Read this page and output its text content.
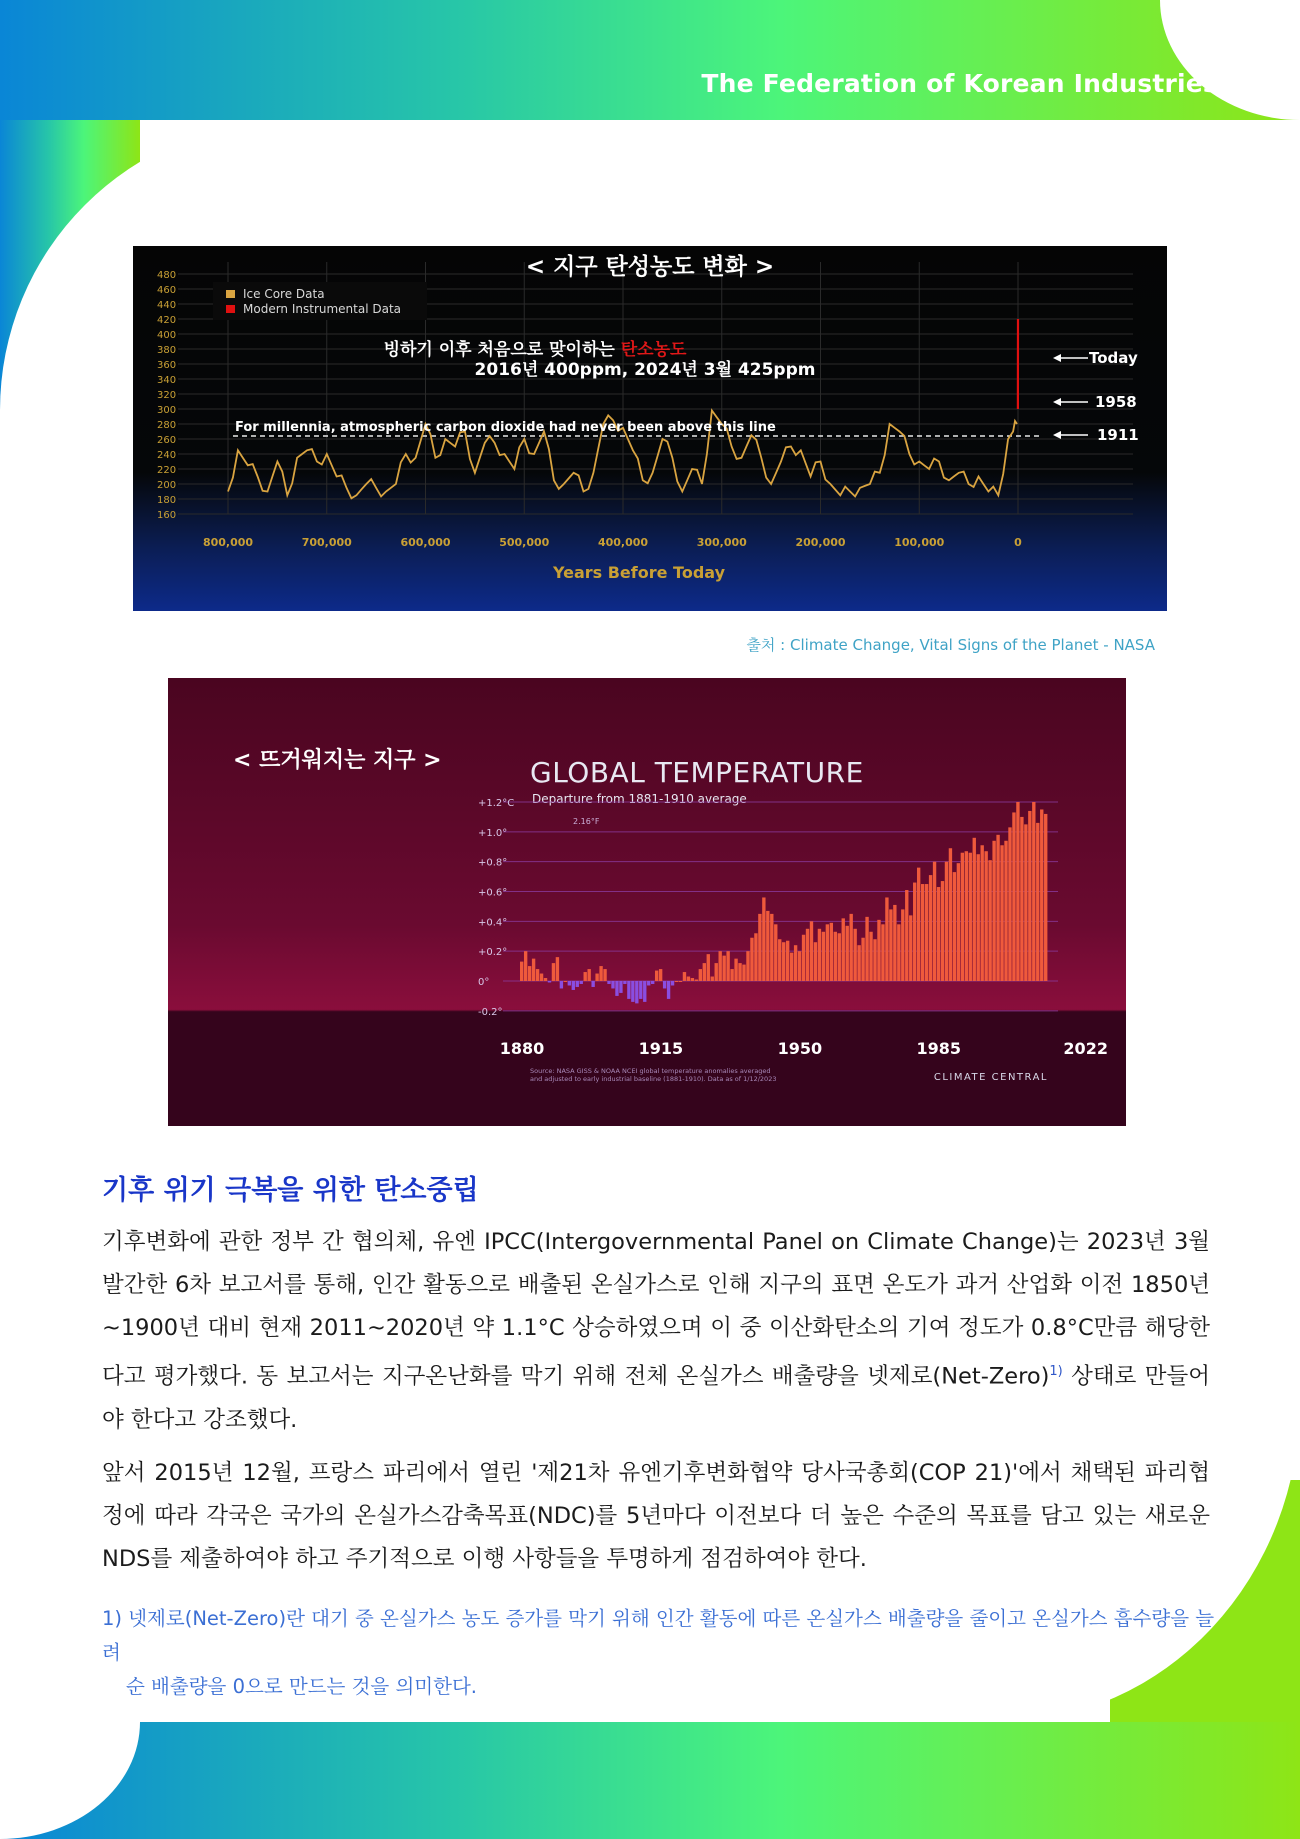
The Federation of Korean Industries
480
460
440
420
400
380
360
340
320
300
280
260
240
220
200
180
160
800,000	700,000	600,000	500,000	400,000	300,000	200,000	100,000	0
< 지구 탄성농도 변화 >
Ice Core Data
Modern Instrumental Data
빙하기 이후 처음으로 맞이하는 탄소농도
2016년 400ppm, 2024년 3월 425ppm
For millennia, atmospheric carbon dioxide had never been above this line
Today
1958
1911
Years Before Today
출처 : Climate Change, Vital Signs of the Planet - NASA
< 뜨거워지는 지구 >	GLOBAL TEMPERATURE
Departure from 1881-1910 average
2.16°F
+1.2°C
+1.0°
+0.8°
+0.6°
+0.4°
+0.2°
0°
-0.2°
1880	1915	1950	1985	2022
Source: NASA GISS & NOAA NCEI global temperature anomalies averaged
and adjusted to early industrial baseline (1881-1910). Data as of 1/12/2023	CLIMATE CENTRAL
기후 위기 극복을 위한 탄소중립

기후변화에 관한 정부 간 협의체, 유엔 IPCC(Intergovernmental Panel on Climate Change)는 2023년 3월 발간한 6차 보고서를 통해, 인간 활동으로 배출된 온실가스로 인해 지구의 표면 온도가 과거 산업화 이전 1850년~1900년 대비 현재 2011~2020년 약 1.1°C 상승하였으며 이 중 이산화탄소의 기여 정도가 0.8°C만큼 해당한다고 평가했다. 동 보고서는 지구온난화를 막기 위해 전체 온실가스 배출량을 넷제로(Net-Zero)$^{1)}$ 상태로 만들어야 한다고 강조했다.

앞서 2015년 12월, 프랑스 파리에서 열린 '제21차 유엔기후변화협약 당사국총회(COP 21)'에서 채택된 파리협정에 따라 각국은 국가의 온실가스감축목표(NDC)를 5년마다 이전보다 더 높은 수준의 목표를 담고 있는 새로운 NDS를 제출하여야 하고 주기적으로 이행 사항들을 투명하게 점검하여야 한다.

1) 넷제로(Net-Zero)란 대기 중 온실가스 농도 증가를 막기 위해 인간 활동에 따른 온실가스 배출량을 줄이고 온실가스 흡수량을 늘려
순 배출량을 0으로 만드는 것을 의미한다.
